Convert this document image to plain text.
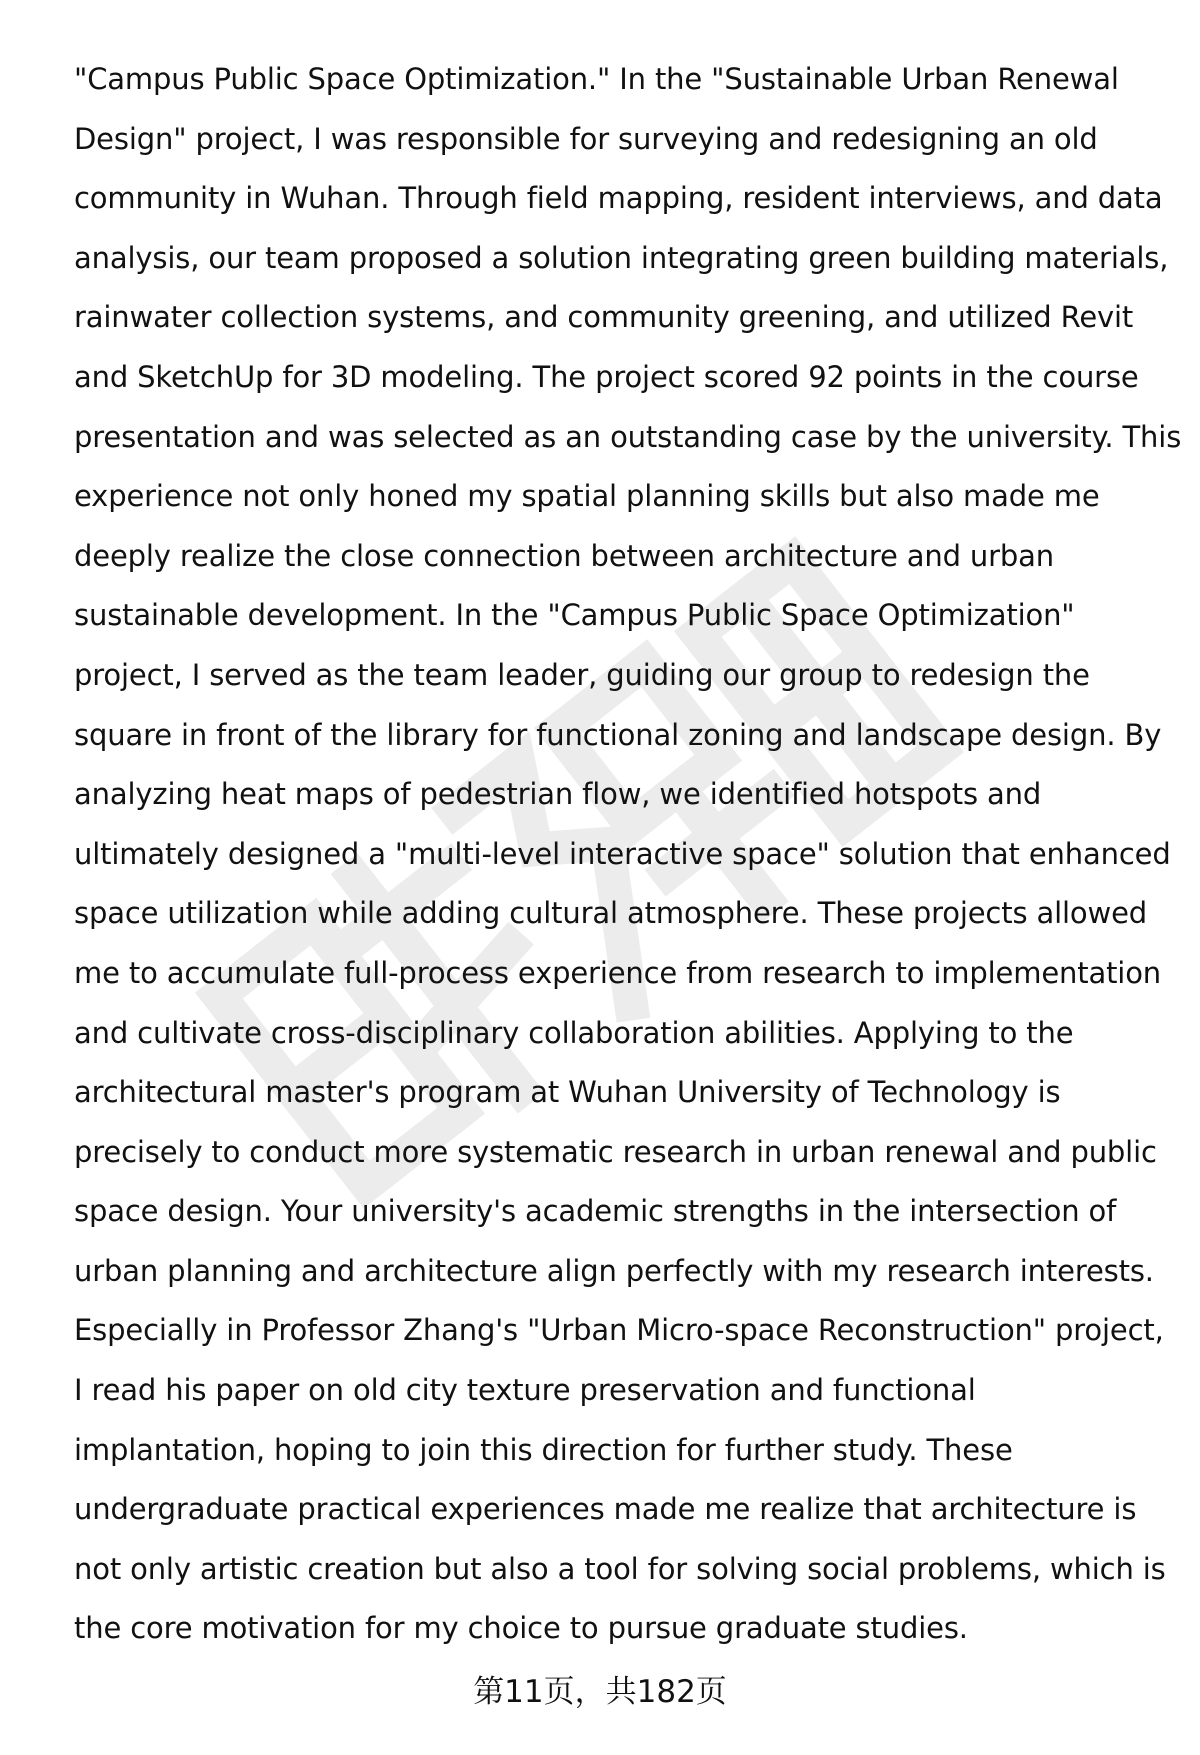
"Campus Public Space Optimization." In the "Sustainable Urban Renewal
Design" project, I was responsible for surveying and redesigning an old
community in Wuhan. Through field mapping, resident interviews, and data
analysis, our team proposed a solution integrating green building materials,
rainwater collection systems, and community greening, and utilized Revit
and SketchUp for 3D modeling. The project scored 92 points in the course
presentation and was selected as an outstanding case by the university. This
experience not only honed my spatial planning skills but also made me
deeply realize the close connection between architecture and urban
sustainable development. In the "Campus Public Space Optimization"
project, I served as the team leader, guiding our group to redesign the
square in front of the library for functional zoning and landscape design. By
analyzing heat maps of pedestrian flow, we identified hotspots and
ultimately designed a "multi-level interactive space" solution that enhanced
space utilization while adding cultural atmosphere. These projects allowed
me to accumulate full-process experience from research to implementation
and cultivate cross-disciplinary collaboration abilities. Applying to the
architectural master's program at Wuhan University of Technology is
precisely to conduct more systematic research in urban renewal and public
space design. Your university's academic strengths in the intersection of
urban planning and architecture align perfectly with my research interests.
Especially in Professor Zhang's "Urban Micro-space Reconstruction" project,
I read his paper on old city texture preservation and functional
implantation, hoping to join this direction for further study. These
undergraduate practical experiences made me realize that architecture is
not only artistic creation but also a tool for solving social problems, which is
the core motivation for my choice to pursue graduate studies.
第11页，共182页
